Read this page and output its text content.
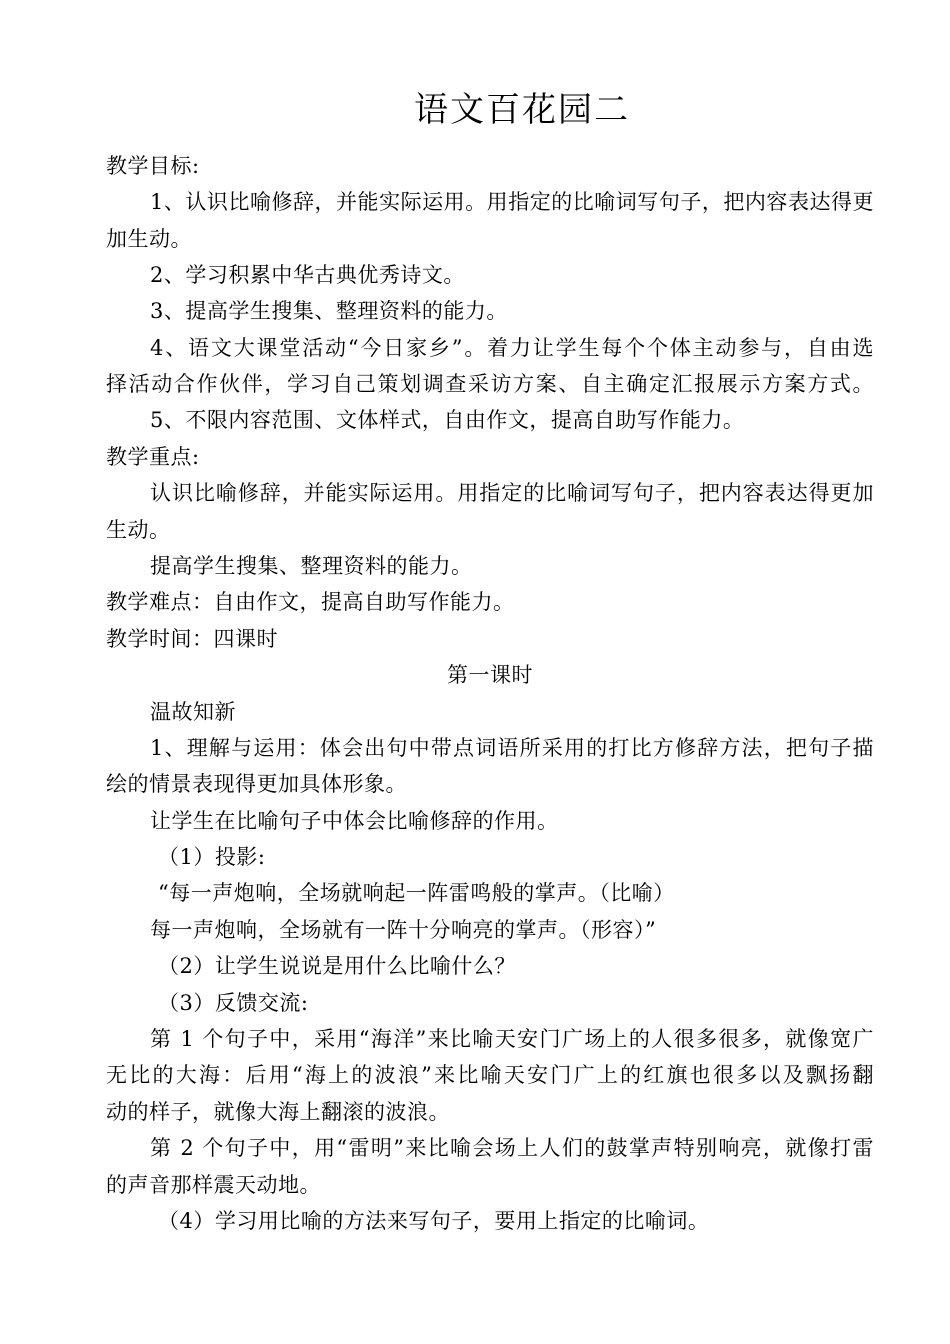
语文百花园二
教学目标:
1、认识比喻修辞，并能实际运用。用指定的比喻词写句子，把内容表达得更
加生动。
2、学习积累中华古典优秀诗文。
3、提高学生搜集、整理资料的能力。
4、语文大课堂活动“今日家乡”。着力让学生每个个体主动参与，自由选
择活动合作伙伴，学习自己策划调查采访方案、自主确定汇报展示方案方式。
5、不限内容范围、文体样式，自由作文，提高自助写作能力。
教学重点:
认识比喻修辞，并能实际运用。用指定的比喻词写句子，把内容表达得更加
生动。
提高学生搜集、整理资料的能力。
教学难点：自由作文，提高自助写作能力。
教学时间：四课时
第一课时
温故知新
1、理解与运用：体会出句中带点词语所采用的打比方修辞方法，把句子描
绘的情景表现得更加具体形象。
让学生在比喻句子中体会比喻修辞的作用。
（1）投影:
“每一声炮响，全场就响起一阵雷鸣般的掌声。（比喻）
每一声炮响，全场就有一阵十分响亮的掌声。（形容）”
（2）让学生说说是用什么比喻什么？
（3）反馈交流:
第 1 个句子中，采用“海洋”来比喻天安门广场上的人很多很多，就像宽广
无比的大海：后用“海上的波浪”来比喻天安门广上的红旗也很多以及飘扬翻
动的样子，就像大海上翻滚的波浪。
第 2 个句子中，用“雷明”来比喻会场上人们的鼓掌声特别响亮，就像打雷
的声音那样震天动地。
（4）学习用比喻的方法来写句子，要用上指定的比喻词。
